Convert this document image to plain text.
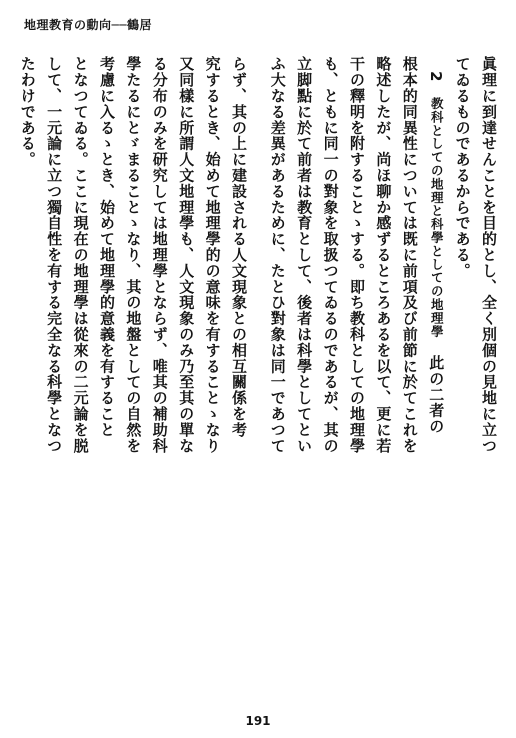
地理教育の動向──鶴居
眞理に到達せんことを目的とし、全く別個の見地に立つ
てゐるものであるからである。
2 教科としての地理と科學としての地理學 此の二者の
根本的同異性については既に前項及び前節に於てこれを
略述したが、尚ほ聊か感ずるところあるを以て、更に若
干の釋明を附することゝする。即ち教科としての地理學
も、ともに同一の對象を取扱つてゐるのであるが、其の
立脚點に於て前者は教育として、後者は科學としてとい
ふ大なる差異があるために、たとひ對象は同一であつて
らず、其の上に建設される人文現象との相互關係を考
究するとき、始めて地理學的の意味を有することゝなり
又同樣に所謂人文地理學も、人文現象のみ乃至其の單な
る分布のみを研究しては地理學とならず、唯其の補助科
學たるにとゞまることゝなり、其の地盤としての自然を
考慮に入るゝとき、始めて地理學的意義を有すること
となつてゐる。ここに現在の地理學は從來の二元論を脱
して、一元論に立つ獨自性を有する完全なる科學となつ
たわけである。
191
